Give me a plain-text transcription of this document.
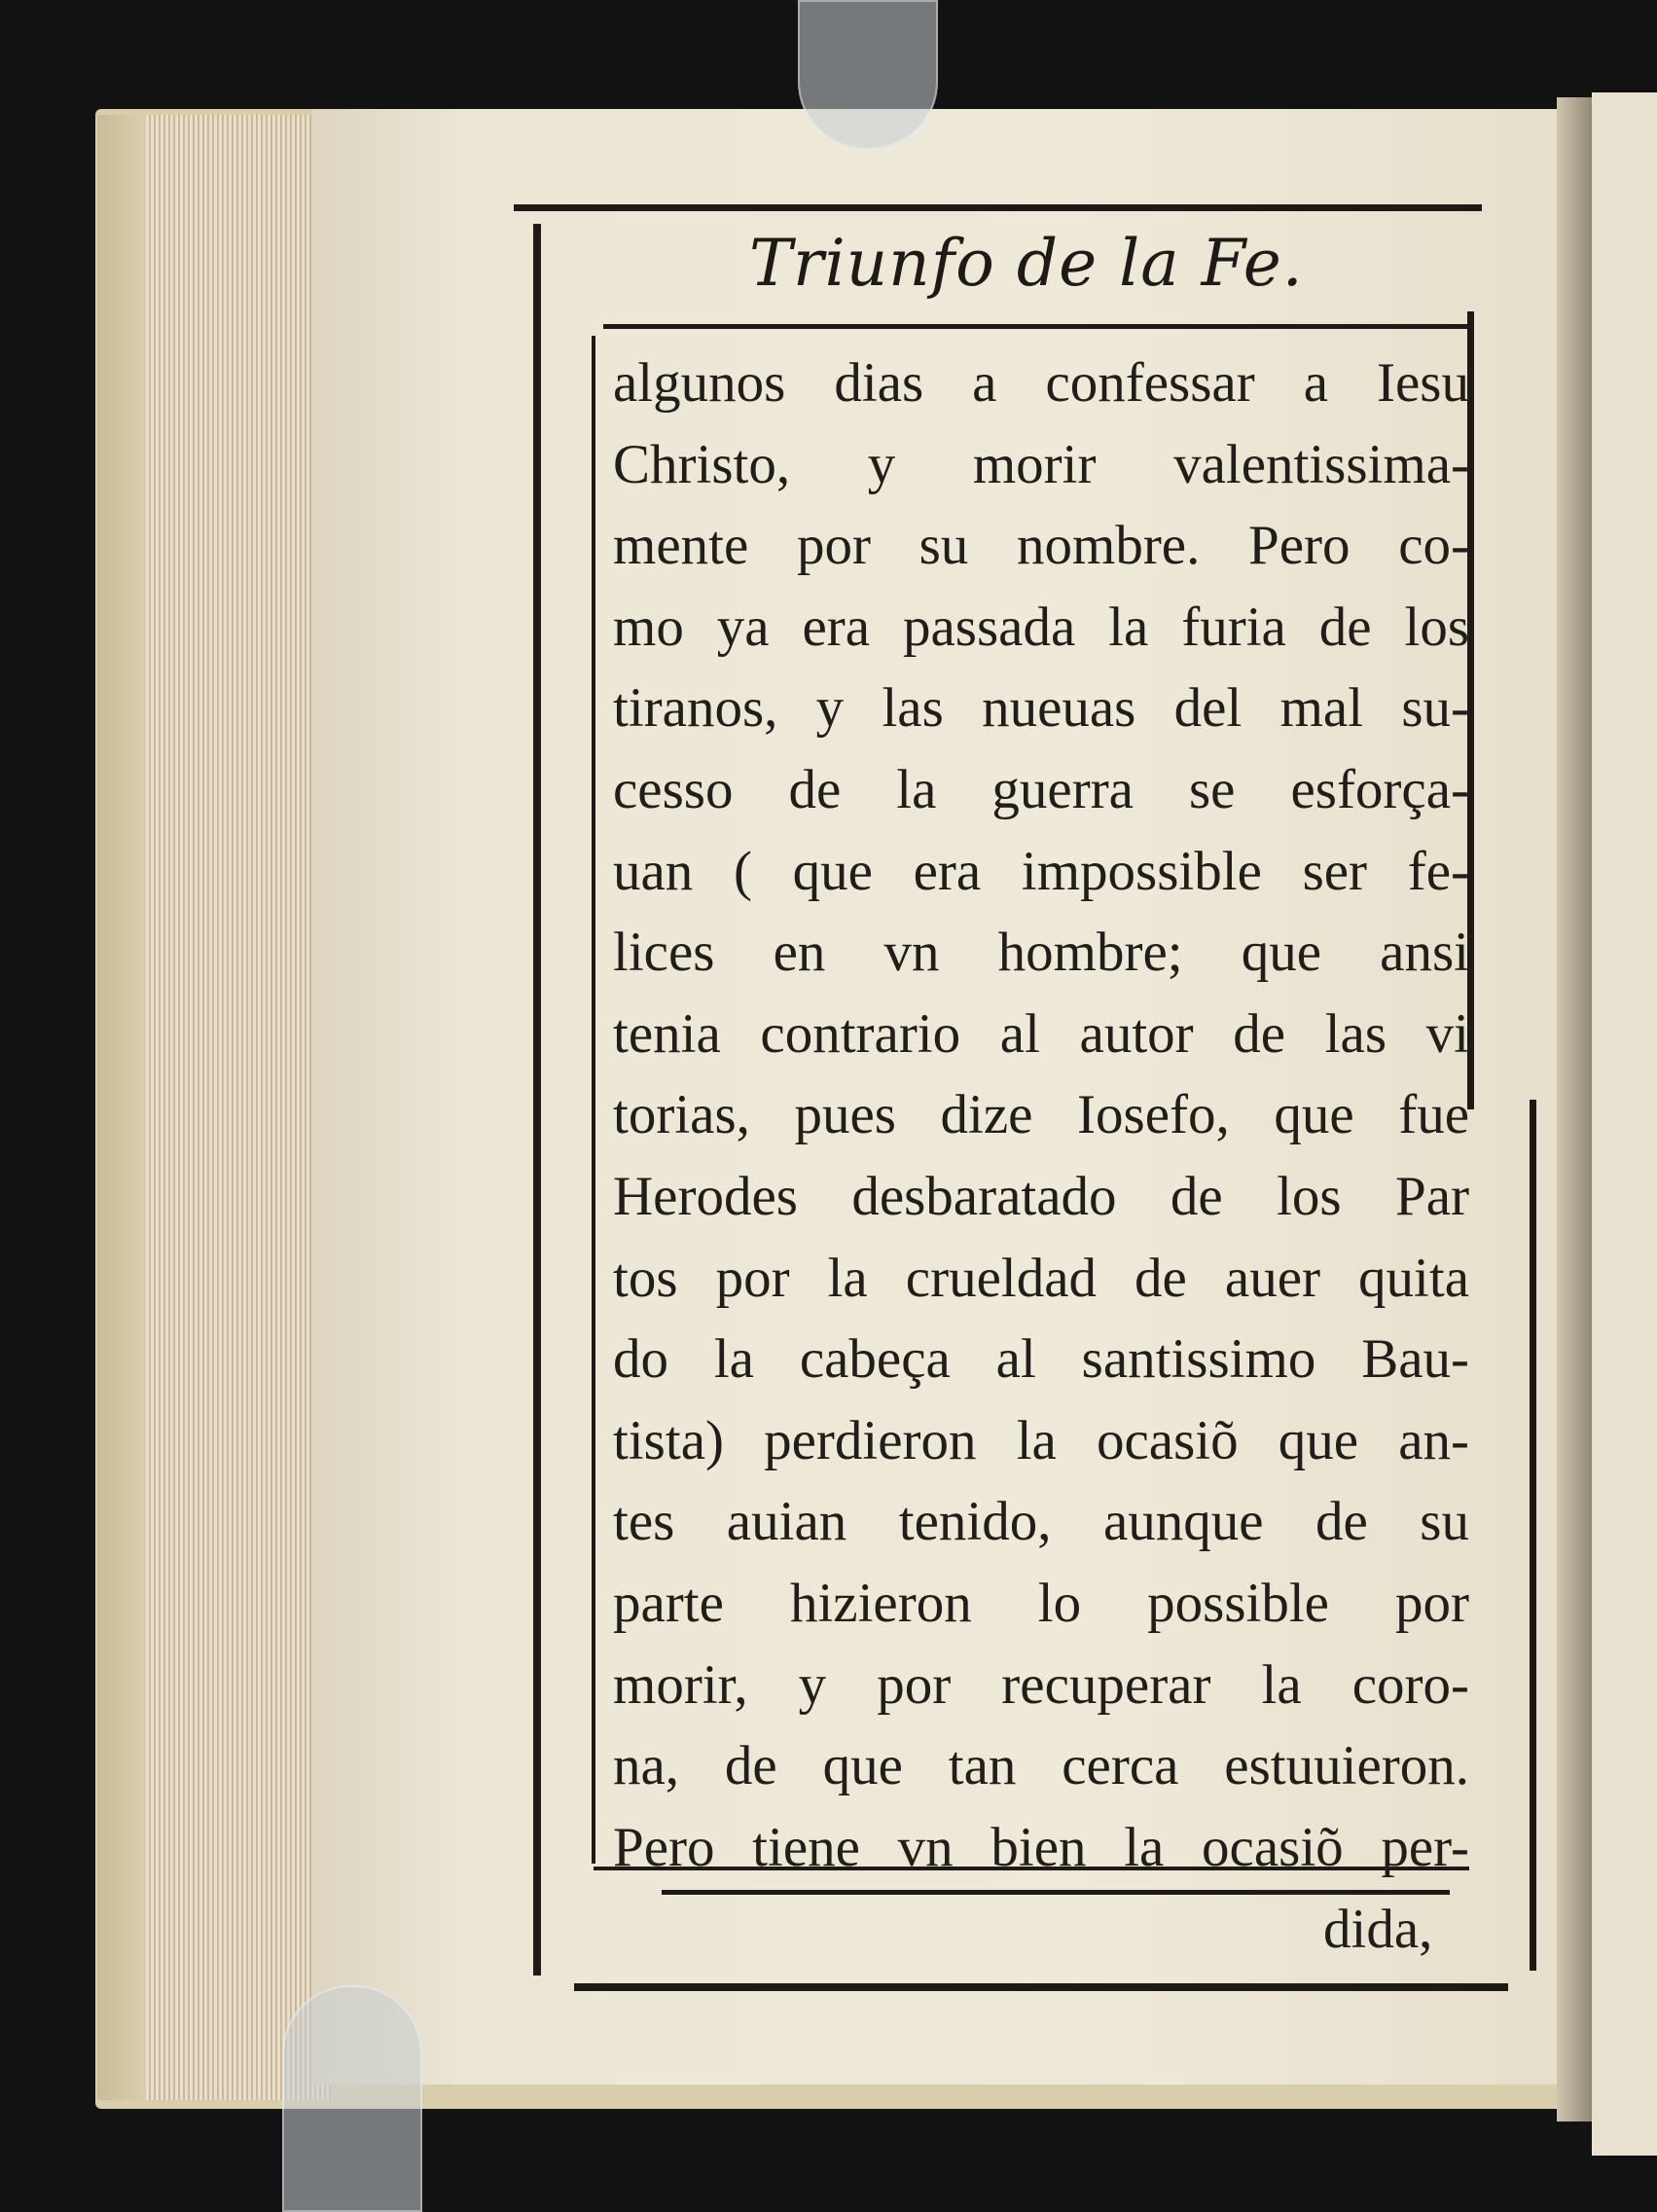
Triunfo de la Fe.
algunos dias a confessar a Iesu
Christo, y morir valentissima-
mente por su nombre. Pero co-
mo ya era passada la furia de los
tiranos, y las nueuas del mal su-
cesso de la guerra se esforça-
uan ( que era impossible ser fe-
lices en vn hombre; que ansi
tenia contrario al autor de las vi
torias, pues dize Iosefo, que fue
Herodes desbaratado de los Par
tos por la crueldad de auer quita
do la cabeça al santissimo Bau-
tista) perdieron la ocasiõ que an-
tes auian tenido, aunque de su
parte hizieron lo possible por
morir, y por recuperar la coro-
na, de que tan cerca estuuieron.
Pero tiene vn bien la ocasiõ per-
dida,
